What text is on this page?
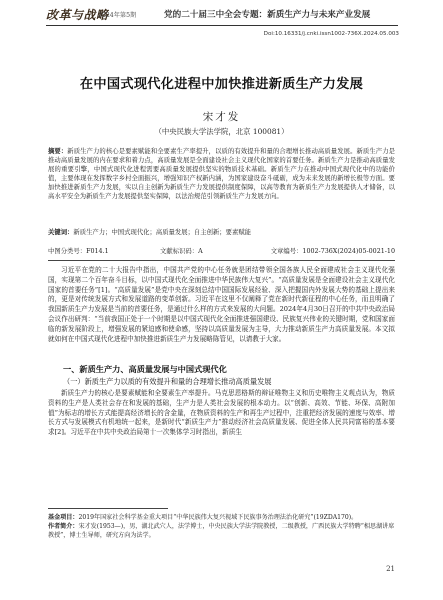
改革与战略
2024年第5期	党的二十届三中全会专题：新质生产力与未来产业发展
Doi:10.16331/j.cnki.issn1002-736X.2024.05.003
在中国式现代化进程中加快推进新质生产力发展
宋才发
（中央民族大学法学院，北京 100081）
摘要：新质生产力的核心是要素赋能和全要素生产率提升，以质的有效提升和量的合理增长推动高质量发展。新质生产力是推动高质量发展的内在要求和着力点，高质量发展是全面建设社会主义现代化国家的首要任务。新质生产力是推动高质量发展的重要引擎，中国式现代化进程需要高质量发展提供坚实的物质技术基础。新质生产力在推动中国式现代化中的功能价值，主要体现在发挥数字乡村全面振兴，增强知识产权新内涵，为国家建设奋斗砥砺，成为未来发展的新增长极等方面。要加快推进新质生产力发展，实以自主创新为新质生产力发展提供制度保障，以高等教育为新质生产力发展提供人才储备，以高水平安全为新质生产力发展提供坚实保障，以法治规范引领新质生产力发展方向。
关键词：新质生产力；中国式现代化；高质量发展；自主创新；要素赋能
中图分类号：F014.1	文献标识码：A	文章编号：1002-736X(2024)05-0021-10

习近平在党的二十大报告中指出，中国共产党的中心任务就是团结带领全国各族人民全面建成社会主义现代化强国，实现第二个百年奋斗目标，以中国式现代化全面推进中华民族伟大复兴”。“高质量发展是全面建设社会主义现代化国家的首要任务”[1]。“高质量发展”是党中央在深刻总结中国国际发展经验、深入把握国内外发展大势的基础上提出来的，更是对传统发展方式和发展道路的变革创新。习近平在这里不仅阐释了党在新时代新征程的中心任务，而且明确了我国新质生产力发展是当前的首要任务，是通过什么样的方式来发展的大问题。2024年4月30日召开的中共中央政治局会议作出研判：“当前我国正处于一个时期是以中国式现代化全面推进强国建设、民族复兴伟业的关键时期，党和国家面临的新发展阶段上，增强发展的紧迫感和使命感，坚持以高质量发展为主导，大力推动新质生产力高质量发展。本文拟就如何在中国式现代化进程中加快推进新质生产力发展略陈管见，以请教于大家。

一、新质生产力、高质量发展与中国式现代化
（一）新质生产力以质的有效提升和量的合理增长推动高质量发展

新质生产力的核心是要素赋能和全要素生产率提升。马克思恩格斯的辩证唯物主义和历史唯物主义观点认为，物质资料的生产是人类社会存在和发展的基础，生产力是人类社会发展的根本动力。以“创新、高效、节能、环保、高附加值”为标志的增长方式能提高经济增长的含金量，在物质资料的生产和再生产过程中，注重把经济发展的速度与效率、增长方式与发展模式有机地统一起来，是新时代“新质生产力”推动经济社会高质量发展、促进全体人民共同富裕的基本要求[2]。习近平在中共中央政治局第十一次集体学习时指出，新质生

基金项目：2019年国家社会科学基金重大项目“中华民族伟大复兴视域下民族事务治理法治化研究”(19ZDA170)。
作者简介：宋才发(1953—)，男，湖北武穴人，法学博士，中央民族大学法学院教授，二级教授，广西民族大学特聘“相思湖讲席教授”，博士生导师，研究方向为法学。
21
